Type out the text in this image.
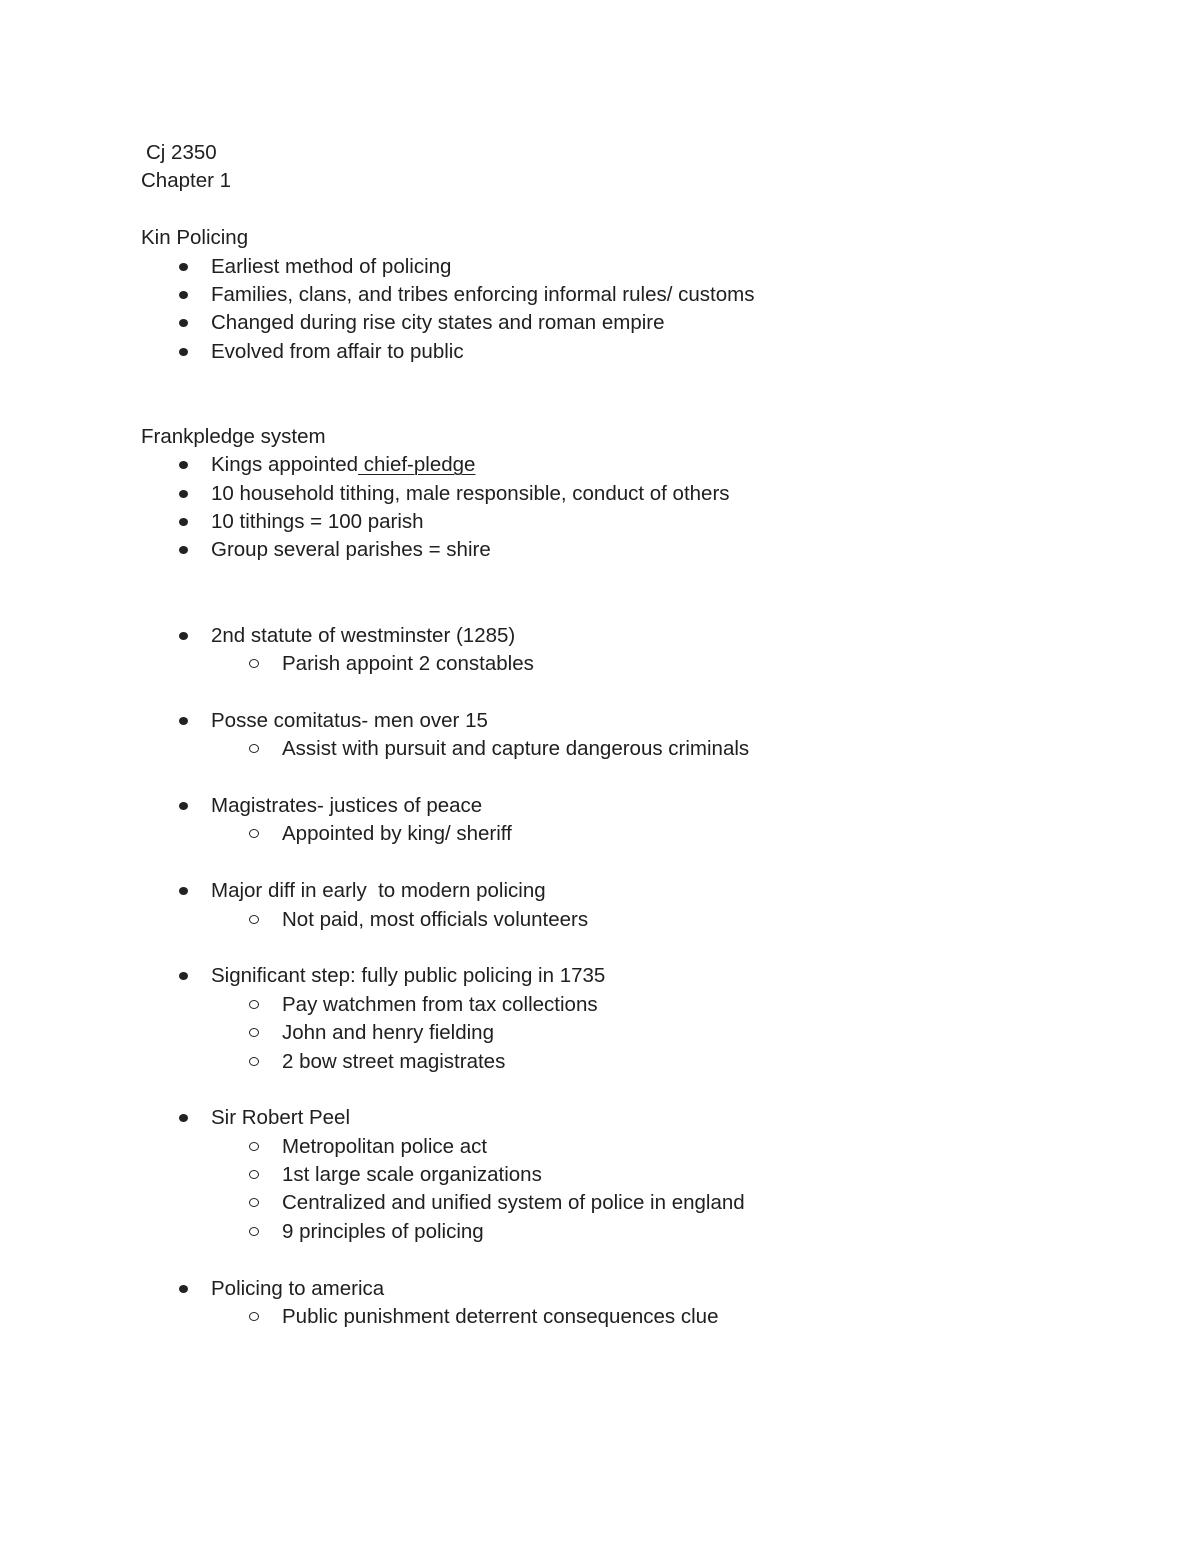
Cj 2350
Chapter 1
Kin Policing
Earliest method of policing
Families, clans, and tribes enforcing informal rules/ customs
Changed during rise city states and roman empire
Evolved from affair to public
Frankpledge system
Kings appointed chief-pledge
10 household tithing, male responsible, conduct of others
10 tithings = 100 parish
Group several parishes = shire
2nd statute of westminster (1285)
Parish appoint 2 constables
Posse comitatus- men over 15
Assist with pursuit and capture dangerous criminals
Magistrates- justices of peace
Appointed by king/ sheriff
Major diff in early  to modern policing
Not paid, most officials volunteers
Significant step: fully public policing in 1735
Pay watchmen from tax collections
John and henry fielding
2 bow street magistrates
Sir Robert Peel
Metropolitan police act
1st large scale organizations
Centralized and unified system of police in england
9 principles of policing
Policing to america
Public punishment deterrent consequences clue
